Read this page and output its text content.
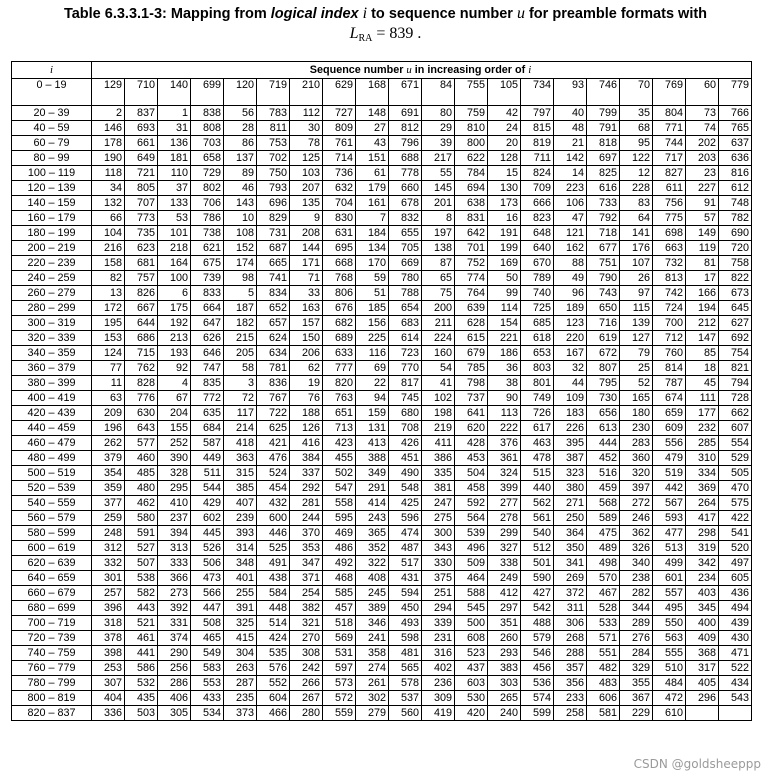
Table 6.3.3.1-3: Mapping from logical index i to sequence number u for preamble formats with
$L_{RA} = 839$ .
i	Sequence number u in increasing order of i																			
0 – 19	129	710	140	699	120	719	210	629	168	671	84	755	105	734	93	746	70	769	60	779
20 – 39	2	837	1	838	56	783	112	727	148	691	80	759	42	797	40	799	35	804	73	766
40 – 59	146	693	31	808	28	811	30	809	27	812	29	810	24	815	48	791	68	771	74	765
60 – 79	178	661	136	703	86	753	78	761	43	796	39	800	20	819	21	818	95	744	202	637
80 – 99	190	649	181	658	137	702	125	714	151	688	217	622	128	711	142	697	122	717	203	636
100 – 119	118	721	110	729	89	750	103	736	61	778	55	784	15	824	14	825	12	827	23	816
120 – 139	34	805	37	802	46	793	207	632	179	660	145	694	130	709	223	616	228	611	227	612
140 – 159	132	707	133	706	143	696	135	704	161	678	201	638	173	666	106	733	83	756	91	748
160 – 179	66	773	53	786	10	829	9	830	7	832	8	831	16	823	47	792	64	775	57	782
180 – 199	104	735	101	738	108	731	208	631	184	655	197	642	191	648	121	718	141	698	149	690
200 – 219	216	623	218	621	152	687	144	695	134	705	138	701	199	640	162	677	176	663	119	720
220 – 239	158	681	164	675	174	665	171	668	170	669	87	752	169	670	88	751	107	732	81	758
240 – 259	82	757	100	739	98	741	71	768	59	780	65	774	50	789	49	790	26	813	17	822
260 – 279	13	826	6	833	5	834	33	806	51	788	75	764	99	740	96	743	97	742	166	673
280 – 299	172	667	175	664	187	652	163	676	185	654	200	639	114	725	189	650	115	724	194	645
300 – 319	195	644	192	647	182	657	157	682	156	683	211	628	154	685	123	716	139	700	212	627
320 – 339	153	686	213	626	215	624	150	689	225	614	224	615	221	618	220	619	127	712	147	692
340 – 359	124	715	193	646	205	634	206	633	116	723	160	679	186	653	167	672	79	760	85	754
360 – 379	77	762	92	747	58	781	62	777	69	770	54	785	36	803	32	807	25	814	18	821
380 – 399	11	828	4	835	3	836	19	820	22	817	41	798	38	801	44	795	52	787	45	794
400 – 419	63	776	67	772	72	767	76	763	94	745	102	737	90	749	109	730	165	674	111	728
420 – 439	209	630	204	635	117	722	188	651	159	680	198	641	113	726	183	656	180	659	177	662
440 – 459	196	643	155	684	214	625	126	713	131	708	219	620	222	617	226	613	230	609	232	607
460 – 479	262	577	252	587	418	421	416	423	413	426	411	428	376	463	395	444	283	556	285	554
480 – 499	379	460	390	449	363	476	384	455	388	451	386	453	361	478	387	452	360	479	310	529
500 – 519	354	485	328	511	315	524	337	502	349	490	335	504	324	515	323	516	320	519	334	505
520 – 539	359	480	295	544	385	454	292	547	291	548	381	458	399	440	380	459	397	442	369	470
540 – 559	377	462	410	429	407	432	281	558	414	425	247	592	277	562	271	568	272	567	264	575
560 – 579	259	580	237	602	239	600	244	595	243	596	275	564	278	561	250	589	246	593	417	422
580 – 599	248	591	394	445	393	446	370	469	365	474	300	539	299	540	364	475	362	477	298	541
600 – 619	312	527	313	526	314	525	353	486	352	487	343	496	327	512	350	489	326	513	319	520
620 – 639	332	507	333	506	348	491	347	492	322	517	330	509	338	501	341	498	340	499	342	497
640 – 659	301	538	366	473	401	438	371	468	408	431	375	464	249	590	269	570	238	601	234	605
660 – 679	257	582	273	566	255	584	254	585	245	594	251	588	412	427	372	467	282	557	403	436
680 – 699	396	443	392	447	391	448	382	457	389	450	294	545	297	542	311	528	344	495	345	494
700 – 719	318	521	331	508	325	514	321	518	346	493	339	500	351	488	306	533	289	550	400	439
720 – 739	378	461	374	465	415	424	270	569	241	598	231	608	260	579	268	571	276	563	409	430
740 – 759	398	441	290	549	304	535	308	531	358	481	316	523	293	546	288	551	284	555	368	471
760 – 779	253	586	256	583	263	576	242	597	274	565	402	437	383	456	357	482	329	510	317	522
780 – 799	307	532	286	553	287	552	266	573	261	578	236	603	303	536	356	483	355	484	405	434
800 – 819	404	435	406	433	235	604	267	572	302	537	309	530	265	574	233	606	367	472	296	543
820 – 837	336	503	305	534	373	466	280	559	279	560	419	420	240	599	258	581	229	610		
CSDN @goldsheeppp
